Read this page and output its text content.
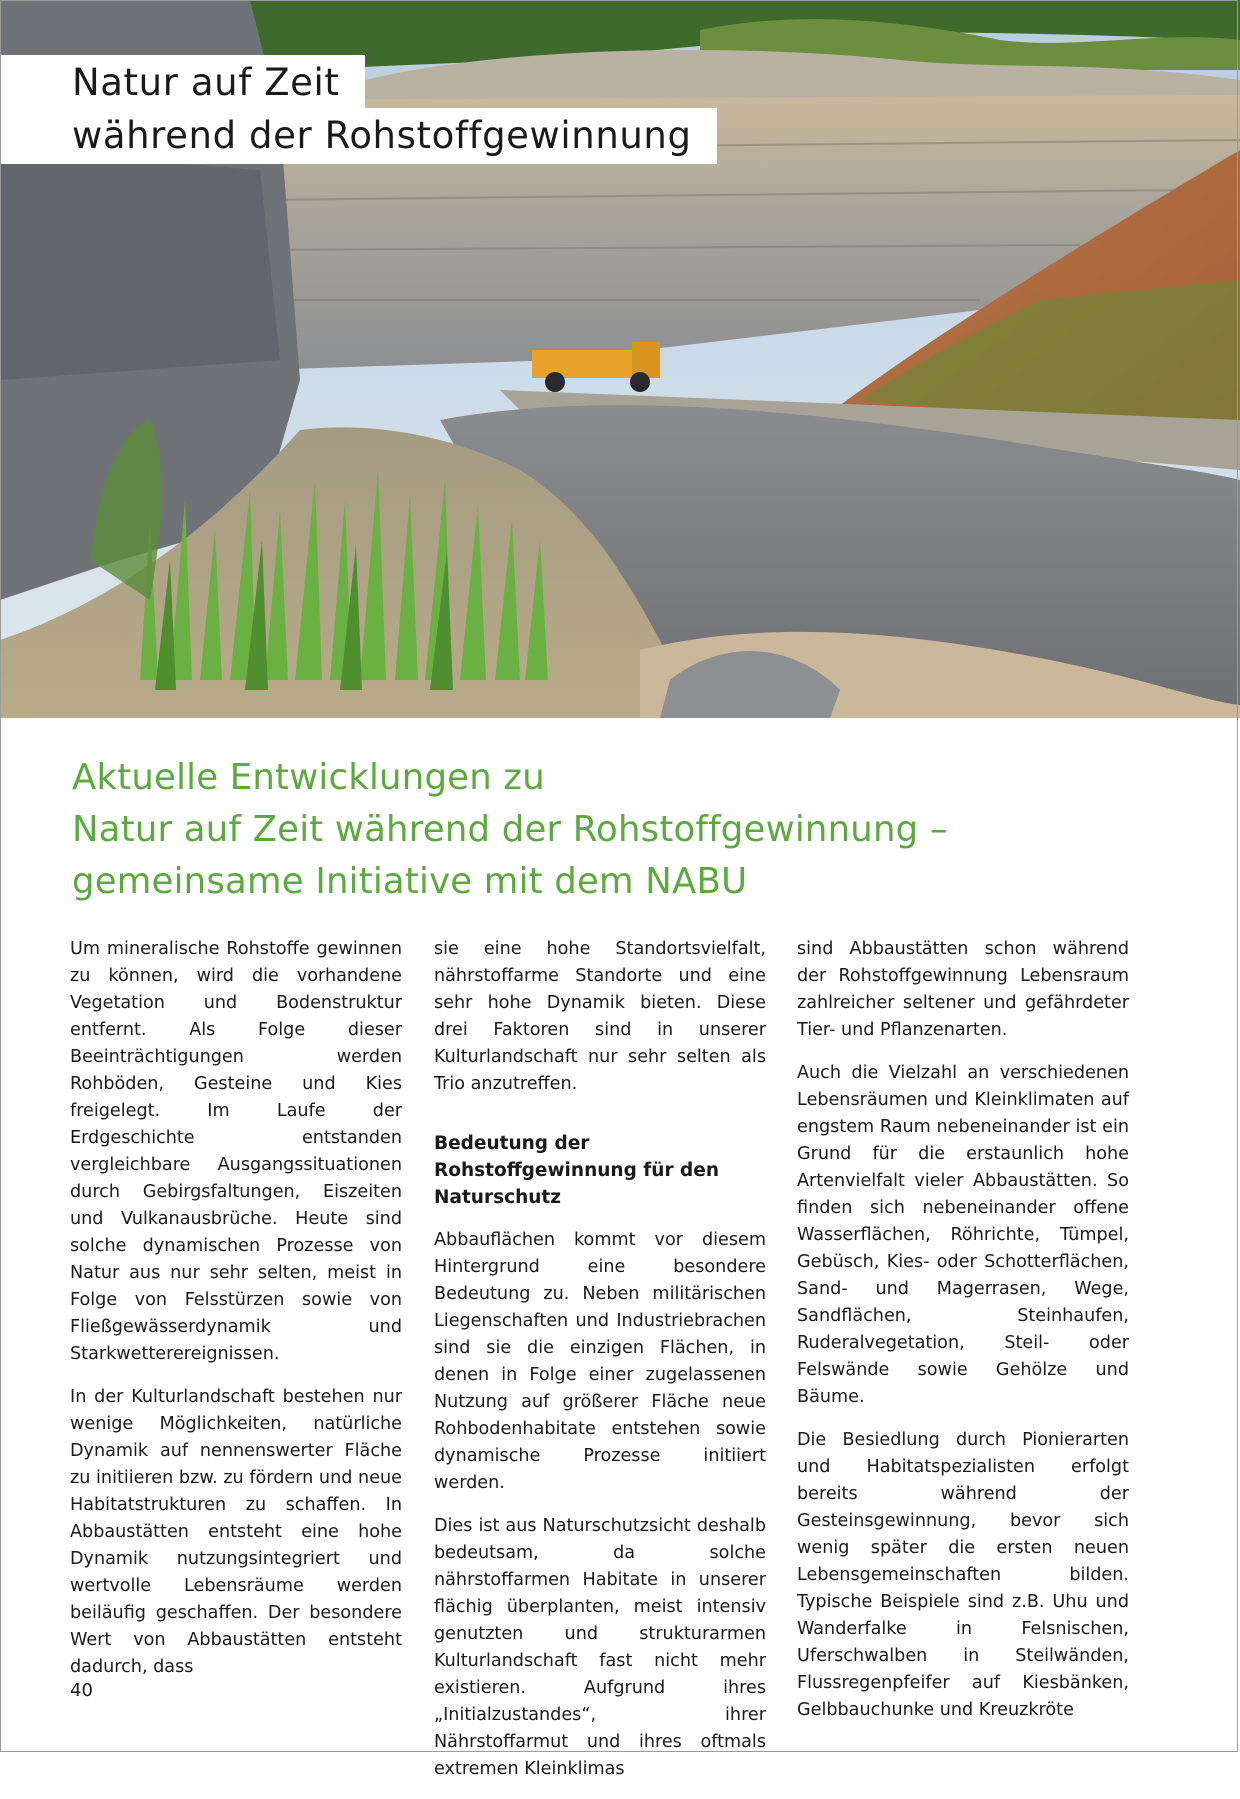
Natur auf Zeit
während der Rohstoffgewinnung
Aktuelle Entwicklungen zu
Natur auf Zeit während der Rohstoffgewinnung –
gemeinsame Initiative mit dem NABU

Um mineralische Rohstoffe gewinnen zu können, wird die vorhandene Vegetation und Bodenstruktur entfernt. Als Folge dieser Beeinträchtigungen werden Rohböden, Gesteine und Kies freigelegt. Im Laufe der Erdgeschichte entstanden vergleichbare Ausgangssituationen durch Gebirgsfaltungen, Eiszeiten und Vulkanausbrüche. Heute sind solche dynamischen Prozesse von Natur aus nur sehr selten, meist in Folge von Felsstürzen sowie von Fließgewässerdynamik und Starkwetterereignissen.

In der Kulturlandschaft bestehen nur wenige Möglichkeiten, natürliche Dynamik auf nennenswerter Fläche zu initiieren bzw. zu fördern und neue Habitatstrukturen zu schaffen. In Abbaustätten entsteht eine hohe Dynamik nutzungsintegriert und wertvolle Lebensräume werden beiläufig geschaffen. Der besondere Wert von Abbaustätten entsteht dadurch, dass

sie eine hohe Standortsvielfalt, nährstoffarme Standorte und eine sehr hohe Dynamik bieten. Diese drei Faktoren sind in unserer Kulturlandschaft nur sehr selten als Trio anzutreffen.

Bedeutung der Rohstoffgewinnung für den Naturschutz

Abbauflächen kommt vor diesem Hintergrund eine besondere Bedeutung zu. Neben militärischen Liegenschaften und Industriebrachen sind sie die einzigen Flächen, in denen in Folge einer zugelassenen Nutzung auf größerer Fläche neue Rohbodenhabitate entstehen sowie dynamische Prozesse initiiert werden.

Dies ist aus Naturschutzsicht deshalb bedeutsam, da solche nährstoffarmen Habitate in unserer flächig überplanten, meist intensiv genutzten und strukturarmen Kulturlandschaft fast nicht mehr existieren. Aufgrund ihres „Initialzustandes“, ihrer Nährstoffarmut und ihres oftmals extremen Kleinklimas

sind Abbaustätten schon während der Rohstoffgewinnung Lebensraum zahlreicher seltener und gefährdeter Tier- und Pflanzenarten.

Auch die Vielzahl an verschiedenen Lebensräumen und Kleinklimaten auf engstem Raum nebeneinander ist ein Grund für die erstaunlich hohe Artenvielfalt vieler Abbaustätten. So finden sich nebeneinander offene Wasserflächen, Röhrichte, Tümpel, Gebüsch, Kies- oder Schotterflächen, Sand- und Magerrasen, Wege, Sandflächen, Steinhaufen, Ruderalvegetation, Steil- oder Felswände sowie Gehölze und Bäume.

Die Besiedlung durch Pionierarten und Habitatspezialisten erfolgt bereits während der Gesteinsgewinnung, bevor sich wenig später die ersten neuen Lebensgemeinschaften bilden. Typische Beispiele sind z.B. Uhu und Wanderfalke in Felsnischen, Uferschwalben in Steilwänden, Flussregenpfeifer auf Kiesbänken, Gelbbauchunke und Kreuzkröte

40
